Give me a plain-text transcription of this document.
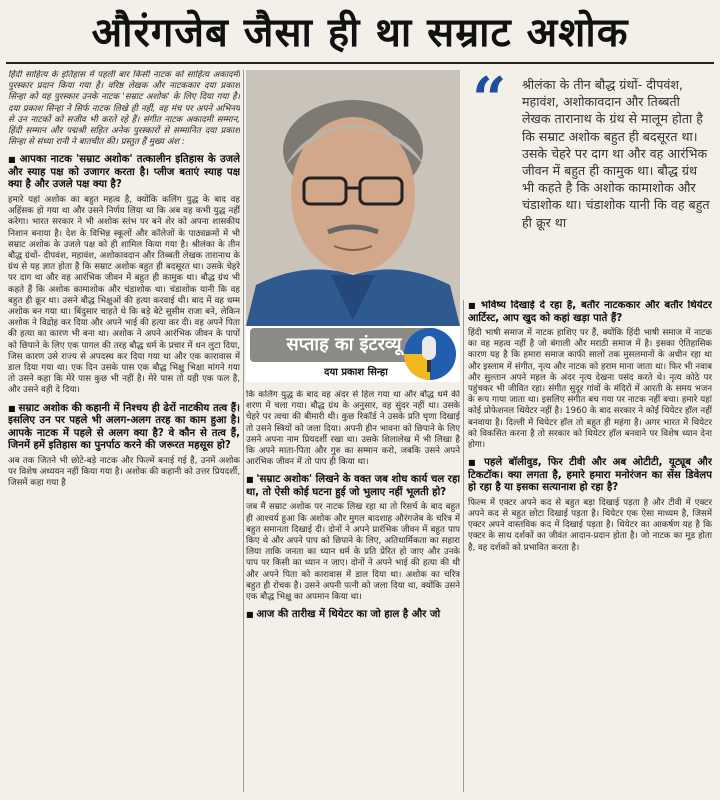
औरंगजेब जैसा ही था सम्राट अशोक

हिंदी साहित्य के इतिहास में पहली बार किसी नाटक को साहित्य अकादमी पुरस्कार प्रदान किया गया है। वरिष्ठ लेखक और नाटककार दया प्रकाश सिन्हा को यह पुरस्कार उनके नाटक 'सम्राट अशोक' के लिए दिया गया है। दया प्रकाश सिन्हा ने सिर्फ नाटक लिखे ही नहीं, वह मंच पर अपने अभिनय से उन नाटकों को सजीव भी करते रहे हैं। संगीत नाटक अकादमी सम्मान, हिंदी सम्मान और पद्मश्री सहित अनेक पुरस्कारों से सम्मानित दया प्रकाश सिन्हा से संध्या रानी ने बातचीत की। प्रस्तुत हैं मुख्य अंश :

■ आपका नाटक 'सम्राट अशोक' तत्कालीन इतिहास के उजले और स्याह पक्ष को उजागर करता है। प्लीज बताएं स्याह पक्ष क्या है और उजले पक्ष क्या है?

हमारे यहां अशोक का बहुत महत्व है, क्योंकि कलिंग युद्ध के बाद वह अहिंसक हो गया था और उसने निर्णय लिया था कि अब वह कभी युद्ध नहीं करेगा। भारत सरकार ने भी अशोक स्तंभ पर बने शेर को अपना शासकीय निशान बनाया है। देश के विभिन्न स्कूलों और कॉलेजों के पाठ्यक्रमों में भी सम्राट अशोक के उजले पक्ष को ही शामिल किया गया है। श्रीलंका के तीन बौद्ध ग्रंथों- दीपवंश, महावंश, अशोकावदान और तिब्बती लेखक तारानाथ के ग्रंथ से यह ज्ञात होता है कि सम्राट अशोक बहुत ही बदसूरत था। उसके चेहरे पर दाग था और वह आरंभिक जीवन में बहुत ही कामुक था। बौद्ध ग्रंथ भी कहते हैं कि अशोक कामाशोक और चंडाशोक था। चंडाशोक यानी कि वह बहुत ही क्रूर था। उसने बौद्ध भिक्षुओं की हत्या करवाई थी। बाद में वह धम्म अशोक बन गया था। बिंदुसार चाहते थे कि बड़े बेटे सुसीम राजा बने, लेकिन अशोक ने विद्रोह कर दिया और अपने भाई की हत्या कर दी। वह अपने पिता की हत्या का कारण भी बना था। अशोक ने अपने आरंभिक जीवन के पापों को छिपाने के लिए एक पागल की तरह बौद्ध धर्म के प्रचार में धन लुटा दिया, जिस कारण उसे राज्य से अपदस्थ कर दिया गया था और एक कारावास में डाल दिया गया था। एक दिन उसके पास एक बौद्ध भिक्षु भिक्षा मांगने गया तो उसने कहा कि मेरे पास कुछ भी नहीं है। मेरे पास तो यही एक फल है, और उसने वही दे दिया।

■ सम्राट अशोक की कहानी में निश्चय ही ढेरों नाटकीय तत्व हैं। इसलिए उन पर पहले भी अलग-अलग तरह का काम हुआ है। आपके नाटक में पहले से अलग क्या है? वे कौन से तत्व हैं, जिनमें हमें इतिहास का पुनर्पाठ करने की जरूरत महसूस हो?

अब तक जितने भी छोटे-बड़े नाटक और फिल्में बनाई गई हैं, उनमें अशोक पर विशेष अध्ययन नहीं किया गया है। अशोक की कहानी को उत्तर प्रियदर्शी, जिसमें कहा गया है

सप्ताह का इंटरव्यू
दया प्रकाश सिन्हा
“ श्रीलंका के तीन बौद्ध ग्रंथों- दीपवंश, महावंश, अशोकावदान और तिब्बती लेखक तारानाथ के ग्रंथ से मालूम होता है कि सम्राट अशोक बहुत ही बदसूरत था। उसके चेहरे पर दाग था और वह आरंभिक जीवन में बहुत ही कामुक था। बौद्ध ग्रंथ भी कहते है कि अशोक कामाशोक और चंडाशोक था। चंडाशोक यानी कि वह बहुत ही क्रूर था

कि कलिंग युद्ध के बाद वह अंदर से हिल गया था और बौद्ध धर्म की शरण में चला गया। बौद्ध ग्रंथ के अनुसार, वह सुंदर नहीं था। उसके चेहरे पर त्वचा की बीमारी थी। कुछ रिकॉर्ड ने उसके प्रति घृणा दिखाई तो उसने स्त्रियों को जला दिया। अपनी हीन भावना को छिपाने के लिए उसने अपना नाम प्रियदर्शी रखा था। उसके शिलालेख में भी लिखा है कि अपने माता-पिता और गुरु का सम्मान करो, जबकि उसने अपने आरंभिक जीवन में तो पाप ही किया था।

■ 'सम्राट अशोक' लिखने के वक्त जब शोध कार्य चल रहा था, तो ऐसी कोई घटना हुई जो भुलाए नहीं भूलती हो?

जब मैं सम्राट अशोक पर नाटक लिख रहा था तो रिसर्च के बाद बहुत ही आश्चर्य हुआ कि अशोक और मुगल बादशाह औरंगजेब के चरित्र में बहुत समानता दिखाई दी। दोनों ने अपने प्रारंभिक जीवन में बहुत पाप किए थे और अपने पाप को छिपाने के लिए, अतिधार्मिकता का सहारा लिया ताकि जनता का ध्यान धर्म के प्रति प्रेरित हो जाए और उनके पाप पर किसी का ध्यान न जाए। दोनों ने अपने भाई की हत्या की थी और अपने पिता को कारावास में डाल दिया था। अशोक का चरित्र बहुत ही रोचक है। उसने अपनी पत्नी को जला दिया था, क्योंकि उसने एक बौद्ध भिक्षु का अपमान किया था।

■ आज की तारीख में थियेटर का जो हाल है और जो
■ भविष्य दिखाई दे रहा है, बतौर नाटककार और बतौर थियेटर आर्टिस्ट, आप खुद को कहां खड़ा पाते हैं?

हिंदी भाषी समाज में नाटक हाशिए पर हैं, क्योंकि हिंदी भाषी समाज में नाटक का वह महत्व नहीं है जो बंगाली और मराठी समाज में है। इसका ऐतिहासिक कारण यह है कि हमारा समाज काफी सालों तक मुसलमानों के अधीन रहा था और इस्लाम में संगीत, नृत्य और नाटक को हराम माना जाता था। फिर भी नवाब और सुल्तान अपने महल के अंदर नृत्य देखना पसंद करते थे। नृत्य कोठे पर पहुंचकर भी जीवित रहा। संगीत सुदूर गांवों के मंदिरों में आरती के समय भजन के रूप गाया जाता था। इसलिए संगीत बच गया पर नाटक नहीं बचा। हमारे यहां कोई प्रोफेशनल थियेटर नहीं है। 1960 के बाद सरकार ने कोई थियेटर हॉल नहीं बनवाया है। दिल्ली में थियेटर हॉल तो बहुत ही महंगा है। अगर भारत में थियेटर को विकसित करना है तो सरकार को थियेटर हॉल बनवाने पर विशेष ध्यान देना होगा।

■ पहले बॉलीवुड, फिर टीवी और अब ओटीटी, यूट्यूब और टिकटॉक। क्या लगता है, हमारे हमारा मनोरंजन का सेंस डिवेलप हो रहा है या इसका सत्यानाश हो रहा है?

फिल्म में एक्टर अपने कद से बहुत बड़ा दिखाई पड़ता है और टीवी में एक्टर अपने कद से बहुत छोटा दिखाई पड़ता है। थियेटर एक ऐसा माध्यम है, जिसमें एक्टर अपने वास्तविक कद में दिखाई पड़ता है। थियेटर का आकर्षण यह है कि एक्टर के साथ दर्शकों का जीवंत आदान-प्रदान होता है। जो नाटक का मूड होता है, वह दर्शकों को प्रभावित करता है।
